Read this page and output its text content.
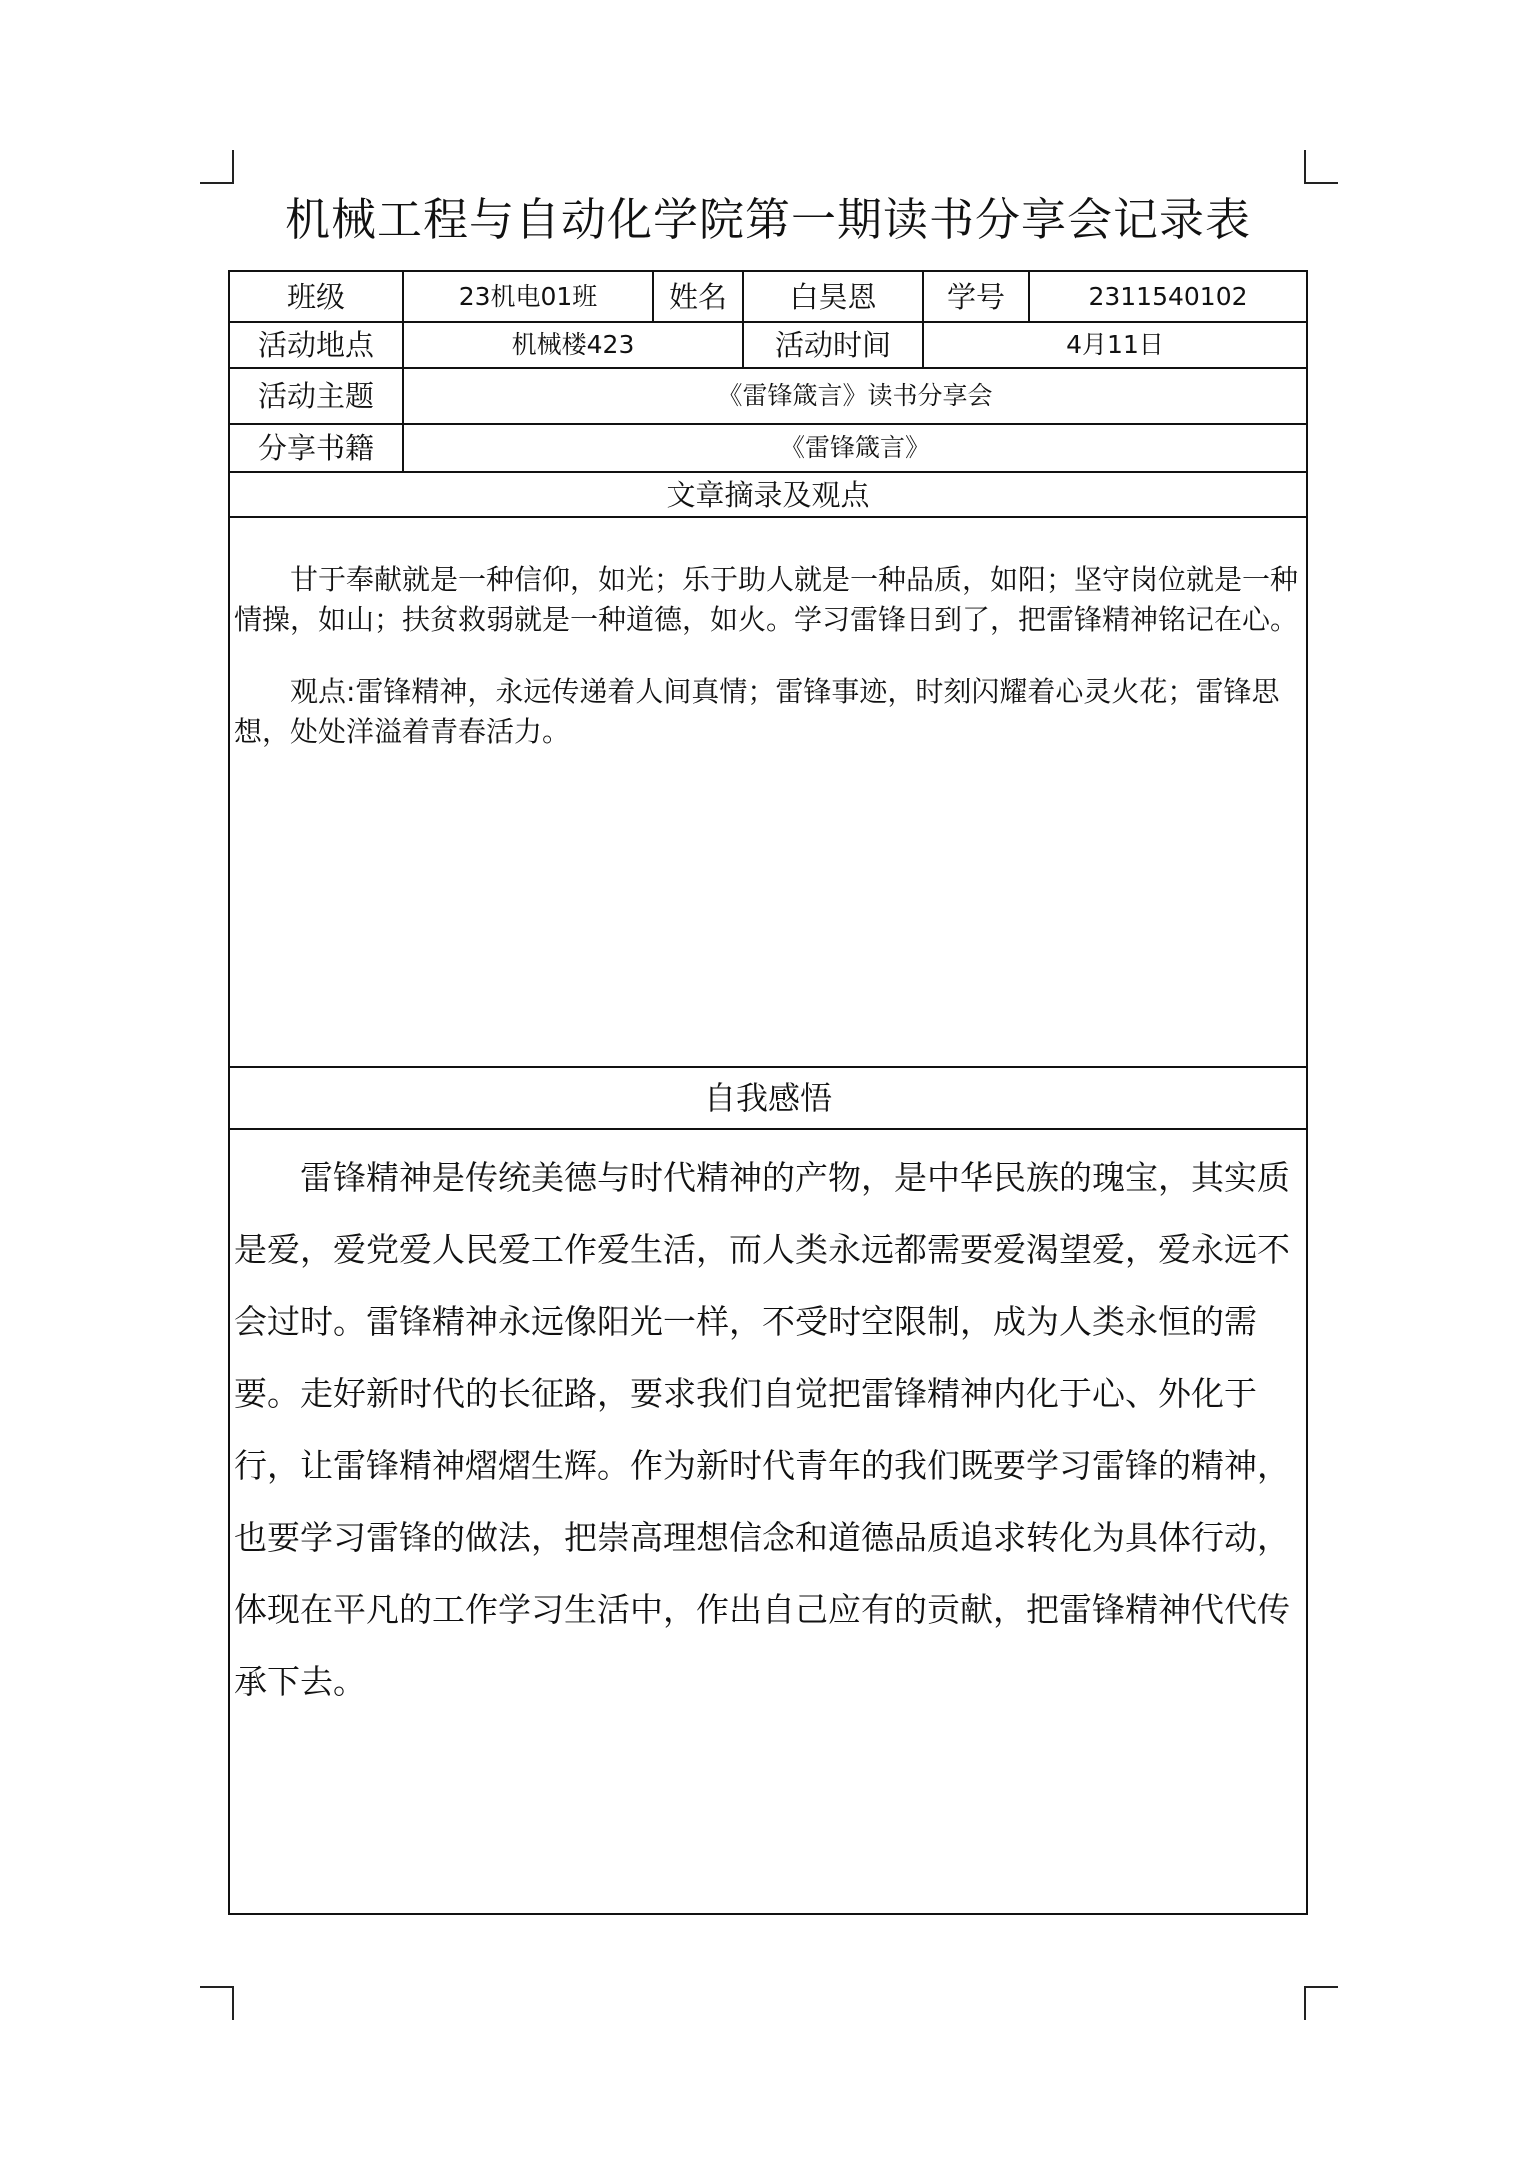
机械工程与自动化学院第一期读书分享会记录表
班级	23机电01班	姓名	白昊恩	学号	2311540102
活动地点	机械楼423	活动时间	4月11日
活动主题	《雷锋箴言》读书分享会
分享书籍	《雷锋箴言》
文章摘录及观点

甘于奉献就是一种信仰，如光；乐于助人就是一种品质，如阳；坚守岗位就是一种情操，如山；扶贫救弱就是一种道德，如火。学习雷锋日到了，把雷锋精神铭记在心。

观点:雷锋精神，永远传递着人间真情；雷锋事迹，时刻闪耀着心灵火花；雷锋思想，处处洋溢着青春活力。

自我感悟

雷锋精神是传统美德与时代精神的产物，是中华民族的瑰宝，其实质是爱，爱党爱人民爱工作爱生活，而人类永远都需要爱渴望爱，爱永远不会过时。雷锋精神永远像阳光一样，不受时空限制，成为人类永恒的需要。走好新时代的长征路，要求我们自觉把雷锋精神内化于心、外化于行，让雷锋精神熠熠生辉。作为新时代青年的我们既要学习雷锋的精神，也要学习雷锋的做法，把崇高理想信念和道德品质追求转化为具体行动，体现在平凡的工作学习生活中，作出自己应有的贡献，把雷锋精神代代传承下去。
